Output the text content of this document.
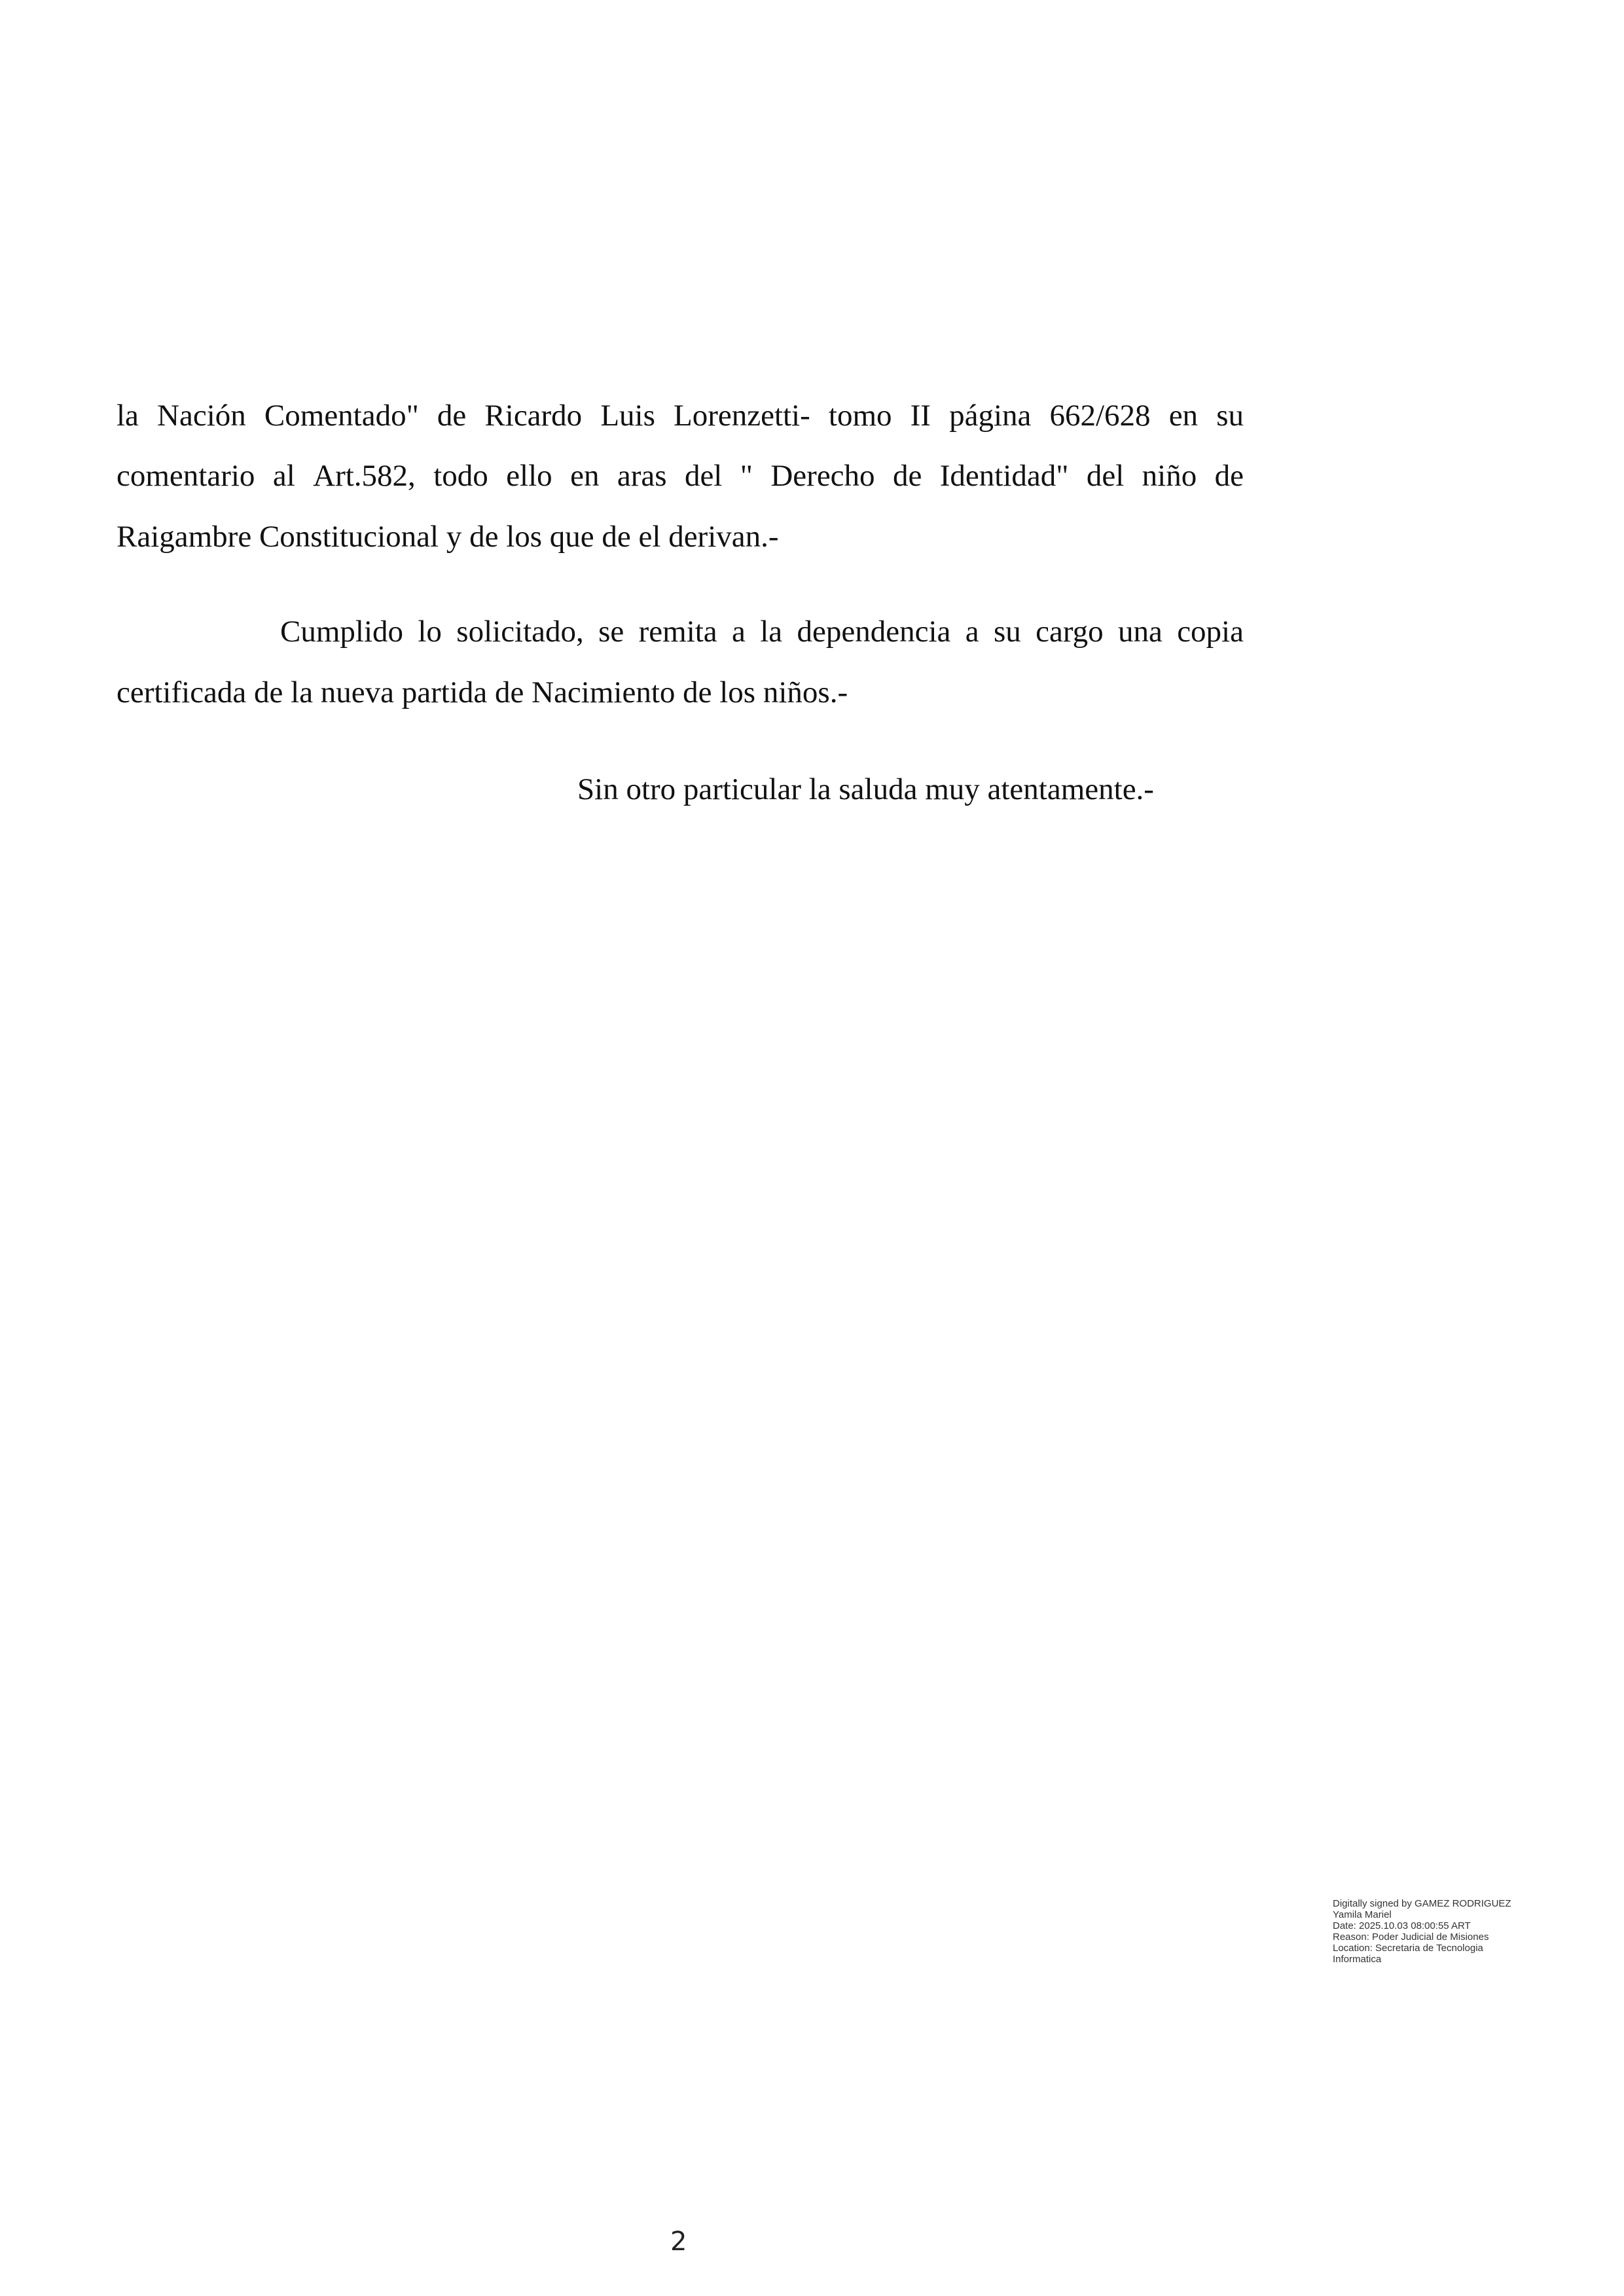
la Nación Comentado" de Ricardo Luis Lorenzetti- tomo II página 662/628 en su
comentario al Art.582, todo ello en aras del " Derecho de Identidad" del niño de
Raigambre Constitucional y de los que de el derivan.-
Cumplido lo solicitado, se remita a la dependencia a su cargo una copia
certificada de la nueva partida de Nacimiento de los niños.-
Sin otro particular la saluda muy atentamente.-
Digitally signed by GAMEZ RODRIGUEZ
Yamila Mariel
Date: 2025.10.03 08:00:55 ART
Reason: Poder Judicial de Misiones
Location: Secretaria de Tecnologia
Informatica
2
